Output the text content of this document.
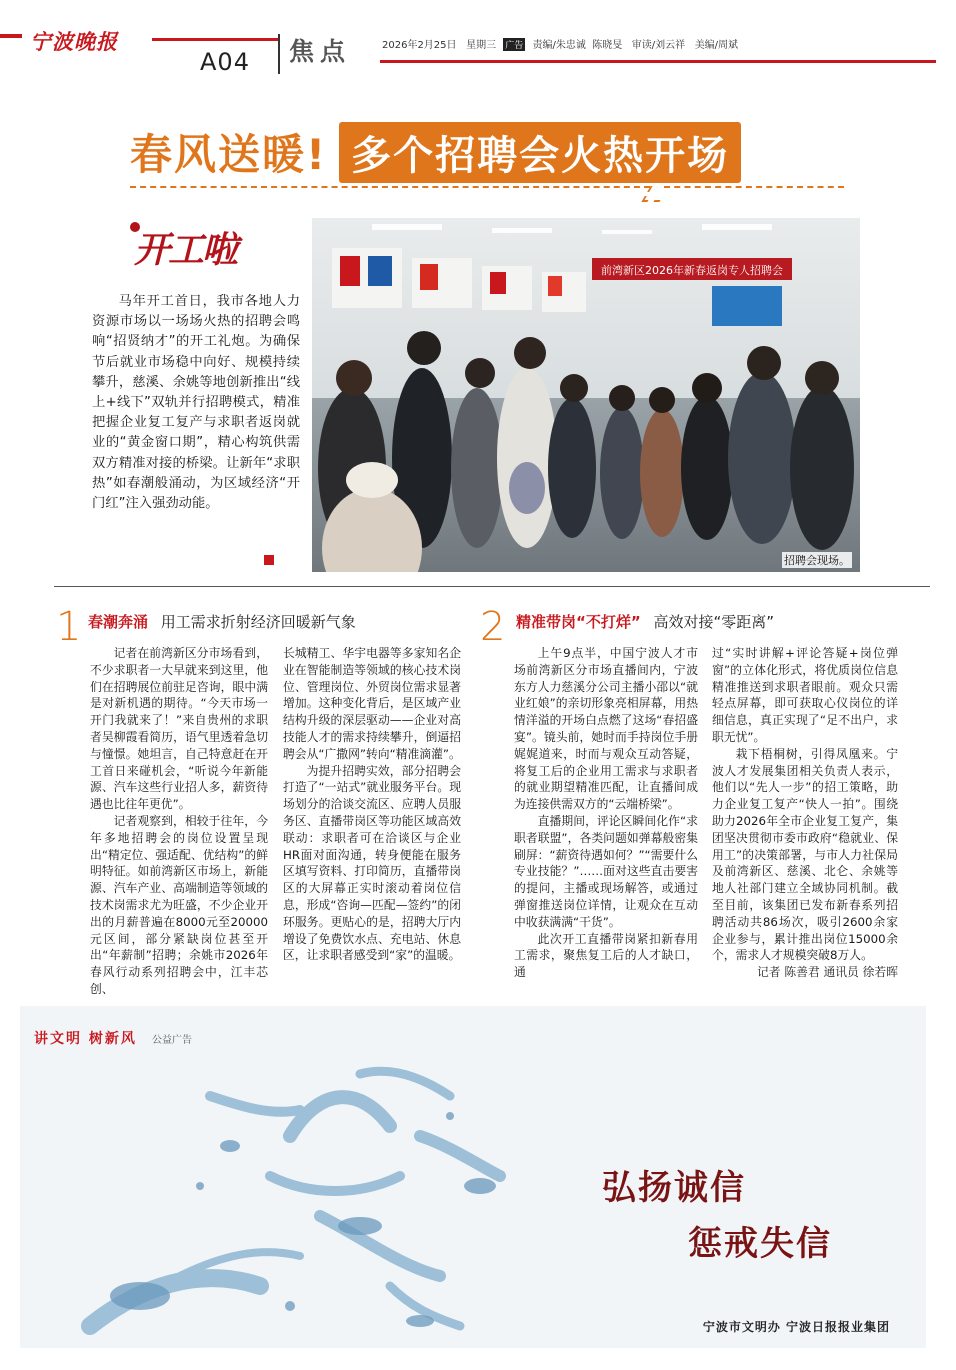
宁波晚报
A04 焦点	2026年2月25日 星期三 广告 责编/朱忠诚 陈晓旻 审读/刘云祥 美编/周斌
春风送暖! 多个招聘会火热开场
开工啦
马年开工首日，我市各地人力资源市场以一场场火热的招聘会鸣响“招贤纳才”的开工礼炮。为确保节后就业市场稳中向好、规模持续攀升，慈溪、余姚等地创新推出“线上+线下”双轨并行招聘模式，精准把握企业复工复产与求职者返岗就业的“黄金窗口期”，精心构筑供需双方精准对接的桥梁。让新年“求职热”如春潮般涌动，为区域经济“开门红”注入强劲动能。
前湾新区2026年新春返岗专人招聘会
招聘会现场。
1 春潮奔涌 用工需求折射经济回暖新气象

记者在前湾新区分市场看到，不少求职者一大早就来到这里，他们在招聘展位前驻足咨询，眼中满是对新机遇的期待。“今天市场一开门我就来了！”来自贵州的求职者吴柳霞看简历，语气里透着急切与憧憬。她坦言，自己特意赶在开工首日来碰机会，“听说今年新能源、汽车这些行业招人多，薪资待遇也比往年更优”。

记者观察到，相较于往年，今年多地招聘会的岗位设置呈现出“精定位、强适配、优结构”的鲜明特征。如前湾新区市场上，新能源、汽车产业、高端制造等领域的技术岗需求尤为旺盛，不少企业开出的月薪普遍在8000元至20000元区间，部分紧缺岗位甚至开出“年薪制”招聘；余姚市2026年春风行动系列招聘会中，江丰芯创、

长城精工、华宇电器等多家知名企业在智能制造等领域的核心技术岗位、管理岗位、外贸岗位需求显著增加。这种变化背后，是区域产业结构升级的深层驱动——企业对高技能人才的需求持续攀升，倒逼招聘会从“广撒网”转向“精准滴灌”。

为提升招聘实效，部分招聘会打造了“一站式”就业服务平台。现场划分的洽谈交流区、应聘人员服务区、直播带岗区等功能区域高效联动：求职者可在洽谈区与企业HR面对面沟通，转身便能在服务区填写资料、打印简历，直播带岗区的大屏幕正实时滚动着岗位信息，形成“咨询—匹配—签约”的闭环服务。更贴心的是，招聘大厅内增设了免费饮水点、充电站、休息区，让求职者感受到“家”的温暖。

2 精准带岗“不打烊” 高效对接“零距离”

上午9点半，中国宁波人才市场前湾新区分市场直播间内，宁波东方人力慈溪分公司主播小邵以“就业红娘”的亲切形象亮相屏幕，用热情洋溢的开场白点燃了这场“春招盛宴”。镜头前，她时而手持岗位手册娓娓道来，时而与观众互动答疑，将复工后的企业用工需求与求职者的就业期望精准匹配，让直播间成为连接供需双方的“云端桥梁”。

直播期间，评论区瞬间化作“求职者联盟”，各类问题如弹幕般密集刷屏：“薪资待遇如何？”“需要什么专业技能？”……面对这些直击要害的提问，主播或现场解答，或通过弹窗推送岗位详情，让观众在互动中收获满满“干货”。

此次开工直播带岗紧扣新春用工需求，聚焦复工后的人才缺口，通

过“实时讲解+评论答疑+岗位弹窗”的立体化形式，将优质岗位信息精准推送到求职者眼前。观众只需轻点屏幕，即可获取心仪岗位的详细信息，真正实现了“足不出户，求职无忧”。

栽下梧桐树，引得凤凰来。宁波人才发展集团相关负责人表示，他们以“先人一步”的招工策略，助力企业复工复产“快人一拍”。围绕助力2026年全市企业复工复产，集团坚决贯彻市委市政府“稳就业、保用工”的决策部署，与市人力社保局及前湾新区、慈溪、北仑、余姚等地人社部门建立全域协同机制。截至目前，该集团已发布新春系列招聘活动共86场次，吸引2600余家企业参与，累计推出岗位15000余个，需求人才规模突破8万人。

记者 陈善君 通讯员 徐若晖

讲文明 树新风 公益广告
弘扬诚信
惩戒失信
宁波市文明办 宁波日报报业集团
